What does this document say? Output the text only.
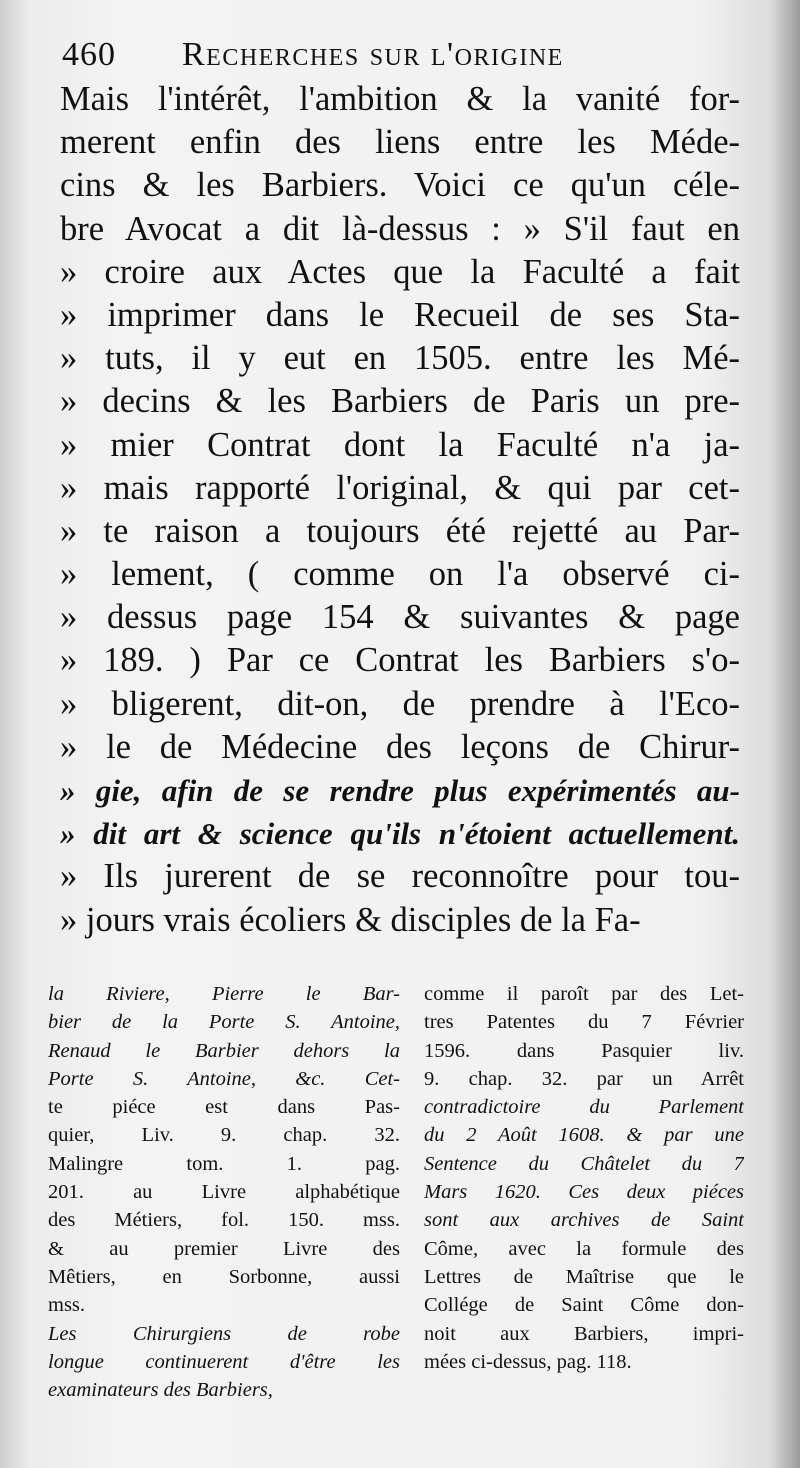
460 Recherches sur l'origine
Mais l'intérêt, l'ambition & la vanité for-
merent enfin des liens entre les Méde-
cins & les Barbiers. Voici ce qu'un céle-
bre Avocat a dit là-dessus : » S'il faut en
» croire aux Actes que la Faculté a fait
» imprimer dans le Recueil de ses Sta-
» tuts, il y eut en 1505. entre les Mé-
» decins & les Barbiers de Paris un pre-
» mier Contrat dont la Faculté n'a ja-
» mais rapporté l'original, & qui par cet-
» te raison a toujours été rejetté au Par-
» lement, ( comme on l'a observé ci-
» dessus page 154 & suivantes & page
» 189. ) Par ce Contrat les Barbiers s'o-
» bligerent, dit-on, de prendre à l'Eco-
» le de Médecine des leçons de Chirur-
» gie, afin de se rendre plus expérimentés au-
» dit art & science qu'ils n'étoient actuellement.
» Ils jurerent de se reconnoître pour tou-
» jours vrais écoliers & disciples de la Fa-
la Riviere, Pierre le Bar-
bier de la Porte S. Antoine,
Renaud le Barbier dehors la
Porte S. Antoine, &c. Cet-
te piéce est dans Pas-
quier, Liv. 9. chap. 32.
Malingre tom. 1. pag.
201. au Livre alphabétique
des Métiers, fol. 150. mss.
& au premier Livre des
Mêtiers, en Sorbonne, aussi
mss.
Les Chirurgiens de robe
longue continuerent d'être les
examinateurs des Barbiers,
comme il paroît par des Let-
tres Patentes du 7 Février
1596. dans Pasquier liv.
9. chap. 32. par un Arrêt
contradictoire du Parlement
du 2 Août 1608. & par une
Sentence du Châtelet du 7
Mars 1620. Ces deux piéces
sont aux archives de Saint
Côme, avec la formule des
Lettres de Maîtrise que le
Collége de Saint Côme don-
noit aux Barbiers, impri-
mées ci-dessus, pag. 118.
